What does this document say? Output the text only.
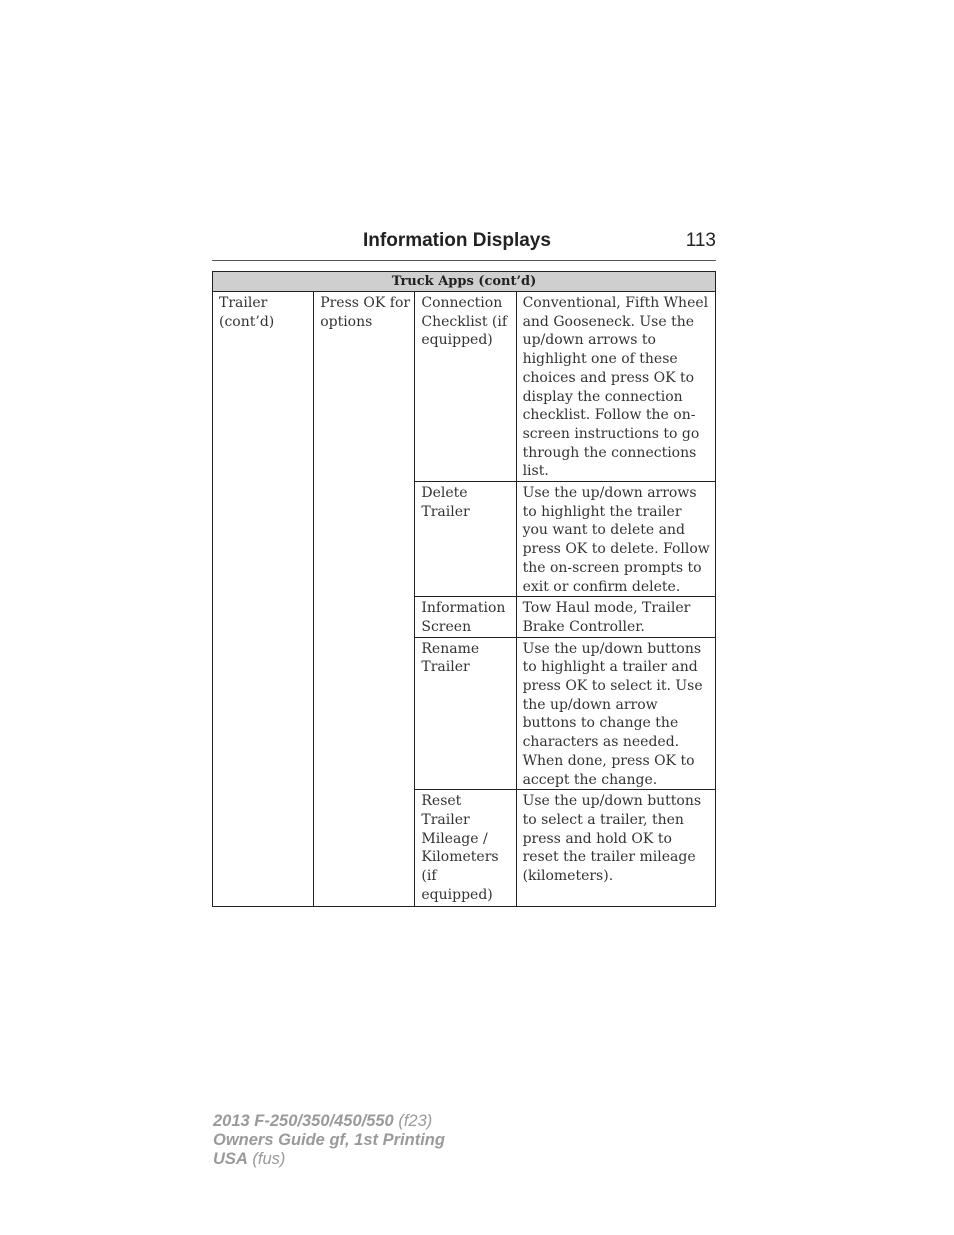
Information Displays	113
Truck Apps (cont’d)			
Trailer (cont’d)	Press OK for options	Connection Checklist (if equipped)	Conventional, Fifth Wheel and Gooseneck. Use the up/down arrows to highlight one of these choices and press OK to display the connection checklist. Follow the on-screen instructions to go through the connections list.
		Delete Trailer	Use the up/down arrows to highlight the trailer you want to delete and press OK to delete. Follow the on-screen prompts to exit or confirm delete.
		Information Screen	Tow Haul mode, Trailer Brake Controller.
		Rename Trailer	Use the up/down buttons to highlight a trailer and press OK to select it. Use the up/down arrow buttons to change the characters as needed. When done, press OK to accept the change.
		Reset Trailer Mileage / Kilometers (if equipped)	Use the up/down buttons to select a trailer, then press and hold OK to reset the trailer mileage (kilometers).
2013 F-250/350/450/550 (f23)
Owners Guide gf, 1st Printing
USA (fus)
